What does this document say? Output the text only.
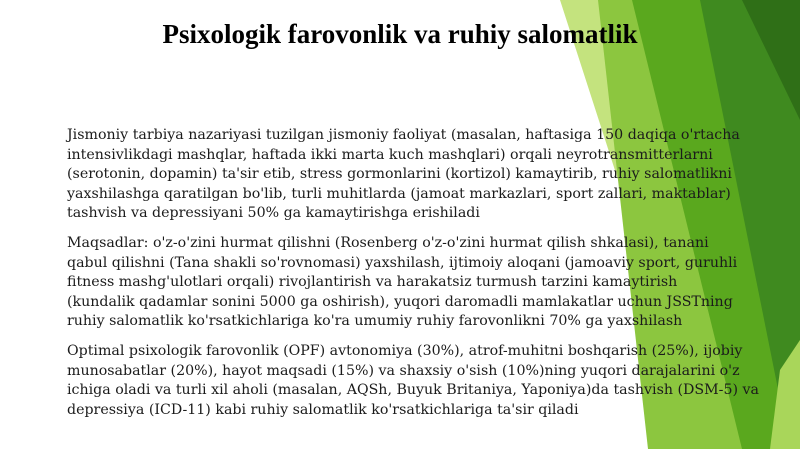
Psixologik farovonlik va ruhiy salomatlik

Jismoniy tarbiya nazariyasi tuzilgan jismoniy faoliyat (masalan, haftasiga 150 daqiqa o'rtacha
intensivlikdagi mashqlar, haftada ikki marta kuch mashqlari) orqali neyrotransmitterlarni
(serotonin, dopamin) ta'sir etib, stress gormonlarini (kortizol) kamaytirib, ruhiy salomatlikni
yaxshilashga qaratilgan bo'lib, turli muhitlarda (jamoat markazlari, sport zallari, maktablar)
tashvish va depressiyani 50% ga kamaytirishga erishiladi

Maqsadlar: o'z-o'zini hurmat qilishni (Rosenberg o'z-o'zini hurmat qilish shkalasi), tanani
qabul qilishni (Tana shakli so'rovnomasi) yaxshilash, ijtimoiy aloqani (jamoaviy sport, guruhli
fitness mashg'ulotlari orqali) rivojlantirish va harakatsiz turmush tarzini kamaytirish
(kundalik qadamlar sonini 5000 ga oshirish), yuqori daromadli mamlakatlar uchun JSSTning
ruhiy salomatlik ko'rsatkichlariga ko'ra umumiy ruhiy farovonlikni 70% ga yaxshilash

Optimal psixologik farovonlik (OPF) avtonomiya (30%), atrof-muhitni boshqarish (25%), ijobiy
munosabatlar (20%), hayot maqsadi (15%) va shaxsiy o'sish (10%)ning yuqori darajalarini o'z
ichiga oladi va turli xil aholi (masalan, AQSh, Buyuk Britaniya, Yaponiya)da tashvish (DSM-5) va
depressiya (ICD-11) kabi ruhiy salomatlik ko'rsatkichlariga ta'sir qiladi
